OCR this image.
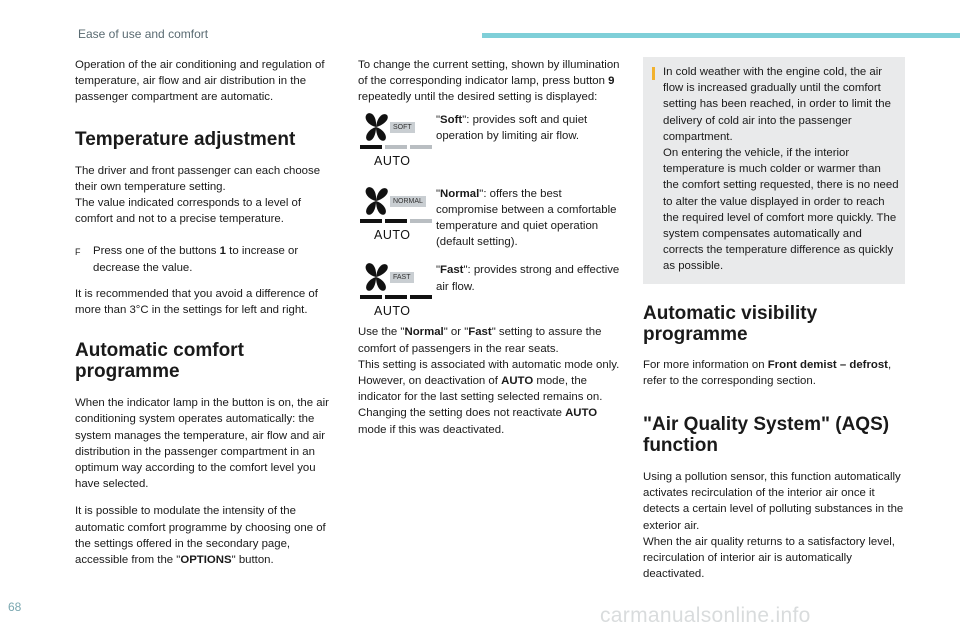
Ease of use and comfort

Operation of the air conditioning and regulation of temperature, air flow and air distribution in the passenger compartment are automatic.

Temperature adjustment

The driver and front passenger can each choose their own temperature setting.

The value indicated corresponds to a level of comfort and not to a precise temperature.

F	Press one of the buttons 1 to increase or decrease the value.

It is recommended that you avoid a difference of more than 3°C in the settings for left and right.

Automatic comfort programme

When the indicator lamp in the button is on, the air conditioning system operates automatically: the system manages the temperature, air flow and air distribution in the passenger compartment in an optimum way according to the comfort level you have selected.

It is possible to modulate the intensity of the automatic comfort programme by choosing one of the settings offered in the secondary page, accessible from the "OPTIONS" button.

To change the current setting, shown by illumination of the corresponding indicator lamp, press button 9 repeatedly until the desired setting is displayed:

SOFT
AUTO

"Soft": provides soft and quiet operation by limiting air flow.

NORMAL
AUTO

"Normal": offers the best compromise between a comfortable temperature and quiet operation (default setting).

FAST
AUTO

"Fast": provides strong and effective air flow.

Use the "Normal" or "Fast" setting to assure the comfort of passengers in the rear seats.

This setting is associated with automatic mode only. However, on deactivation of AUTO mode, the indicator for the last setting selected remains on.

Changing the setting does not reactivate AUTO mode if this was deactivated.

In cold weather with the engine cold, the air flow is increased gradually until the comfort setting has been reached, in order to limit the delivery of cold air into the passenger compartment.

On entering the vehicle, if the interior temperature is much colder or warmer than the comfort setting requested, there is no need to alter the value displayed in order to reach the required level of comfort more quickly. The system compensates automatically and corrects the temperature difference as quickly as possible.

Automatic visibility programme

For more information on Front demist – defrost, refer to the corresponding section.

"Air Quality System" (AQS) function

Using a pollution sensor, this function automatically activates recirculation of the interior air once it detects a certain level of polluting substances in the exterior air.

When the air quality returns to a satisfactory level, recirculation of interior air is automatically deactivated.

68	carmanualsonline.info
